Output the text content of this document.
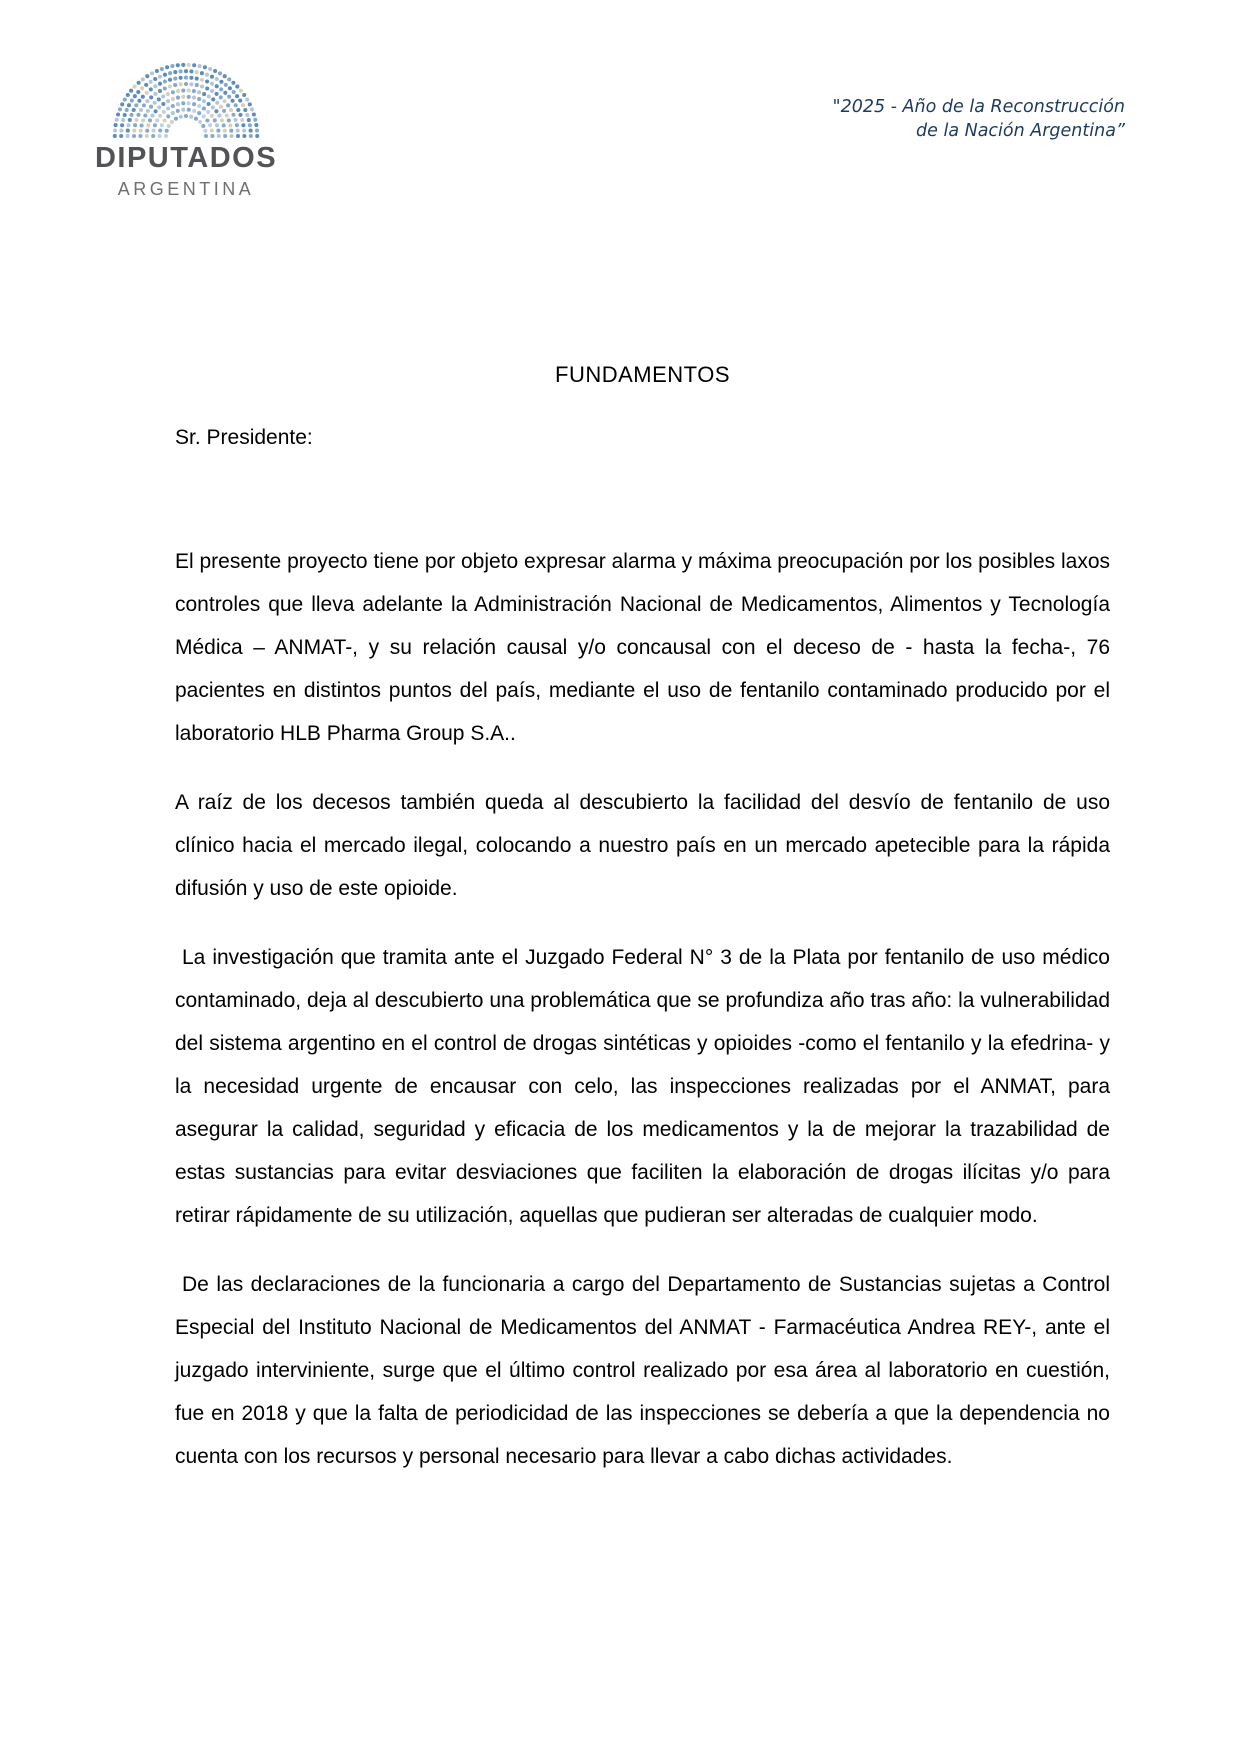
DIPUTADOS
ARGENTINA
"2025 - Año de la Reconstrucción
de la Nación Argentina”
FUNDAMENTOS
Sr. Presidente:

El presente proyecto tiene por objeto expresar alarma y máxima preocupación por los posibles laxos controles que lleva adelante la Administración Nacional de Medicamentos, Alimentos y Tecnología Médica – ANMAT-, y su relación causal y/o concausal con el deceso de - hasta la fecha-, 76 pacientes en distintos puntos del país, mediante el uso de fentanilo contaminado producido por el laboratorio HLB Pharma Group S.A..

A raíz de los decesos también queda al descubierto la facilidad del desvío de fentanilo de uso clínico hacia el mercado ilegal, colocando a nuestro país en un mercado apetecible para la rápida difusión y uso de este opioide.

La investigación que tramita ante el Juzgado Federal N° 3 de la Plata por fentanilo de uso médico contaminado, deja al descubierto una problemática que se profundiza año tras año: la vulnerabilidad del sistema argentino en el control de drogas sintéticas y opioides -como el fentanilo y la efedrina- y la necesidad urgente de encausar con celo, las inspecciones realizadas por el ANMAT, para asegurar la calidad, seguridad y eficacia de los medicamentos y la de mejorar la trazabilidad de estas sustancias para evitar desviaciones que faciliten la elaboración de drogas ilícitas y/o para retirar rápidamente de su utilización, aquellas que pudieran ser alteradas de cualquier modo.

De las declaraciones de la funcionaria a cargo del Departamento de Sustancias sujetas a Control Especial del Instituto Nacional de Medicamentos del ANMAT - Farmacéutica Andrea REY-, ante el juzgado interviniente, surge que el último control realizado por esa área al laboratorio en cuestión, fue en 2018 y que la falta de periodicidad de las inspecciones se debería a que la dependencia no cuenta con los recursos y personal necesario para llevar a cabo dichas actividades.
